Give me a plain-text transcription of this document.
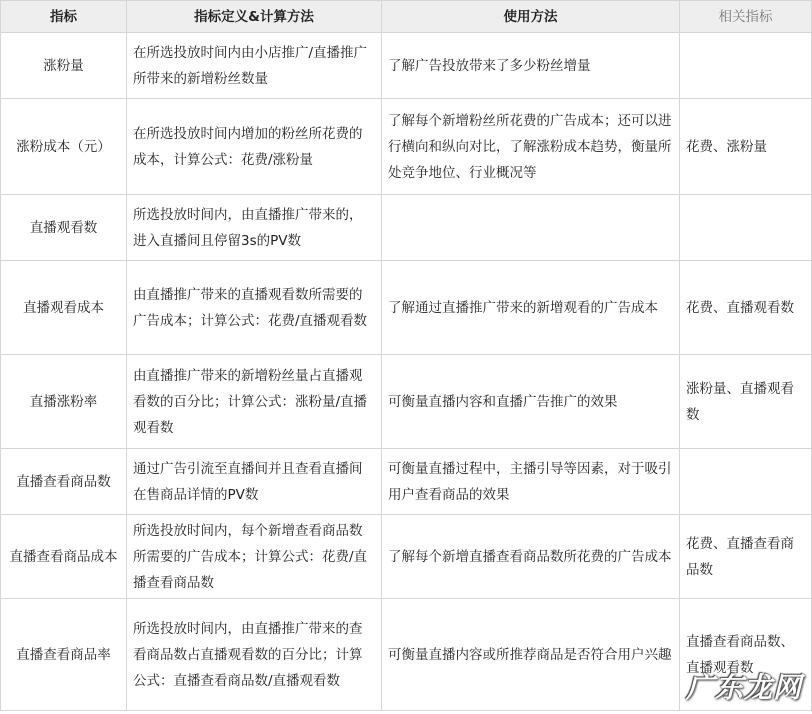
指标	指标定义&计算方法	使用方法	相关指标
涨粉量	在所选投放时间内由小店推广/直播推广所带来的新增粉丝数量	了解广告投放带来了多少粉丝增量	
涨粉成本（元）	在所选投放时间内增加的粉丝所花费的成本，计算公式：花费/涨粉量	了解每个新增粉丝所花费的广告成本；还可以进行横向和纵向对比，了解涨粉成本趋势，衡量所处竞争地位、行业概况等	花费、涨粉量
直播观看数	所选投放时间内，由直播推广带来的，进入直播间且停留3s的PV数		
直播观看成本	由直播推广带来的直播观看数所需要的广告成本；计算公式：花费/直播观看数	了解通过直播推广带来的新增观看的广告成本	花费、直播观看数
直播涨粉率	由直播推广带来的新增粉丝量占直播观看数的百分比；计算公式：涨粉量/直播观看数	可衡量直播内容和直播广告推广的效果	涨粉量、直播观看数
直播查看商品数	通过广告引流至直播间并且查看直播间在售商品详情的PV数	可衡量直播过程中，主播引导等因素，对于吸引用户查看商品的效果	
直播查看商品成本	所选投放时间内，每个新增查看商品数所需要的广告成本；计算公式：花费/直播查看商品数	了解每个新增直播查看商品数所花费的广告成本	花费、直播查看商品数
直播查看商品率	所选投放时间内，由直播推广带来的查看商品数占直播观看数的百分比；计算公式：直播查看商品数/直播观看数	可衡量直播内容或所推荐商品是否符合用户兴趣	直播查看商品数、直播观看数
广东龙网
